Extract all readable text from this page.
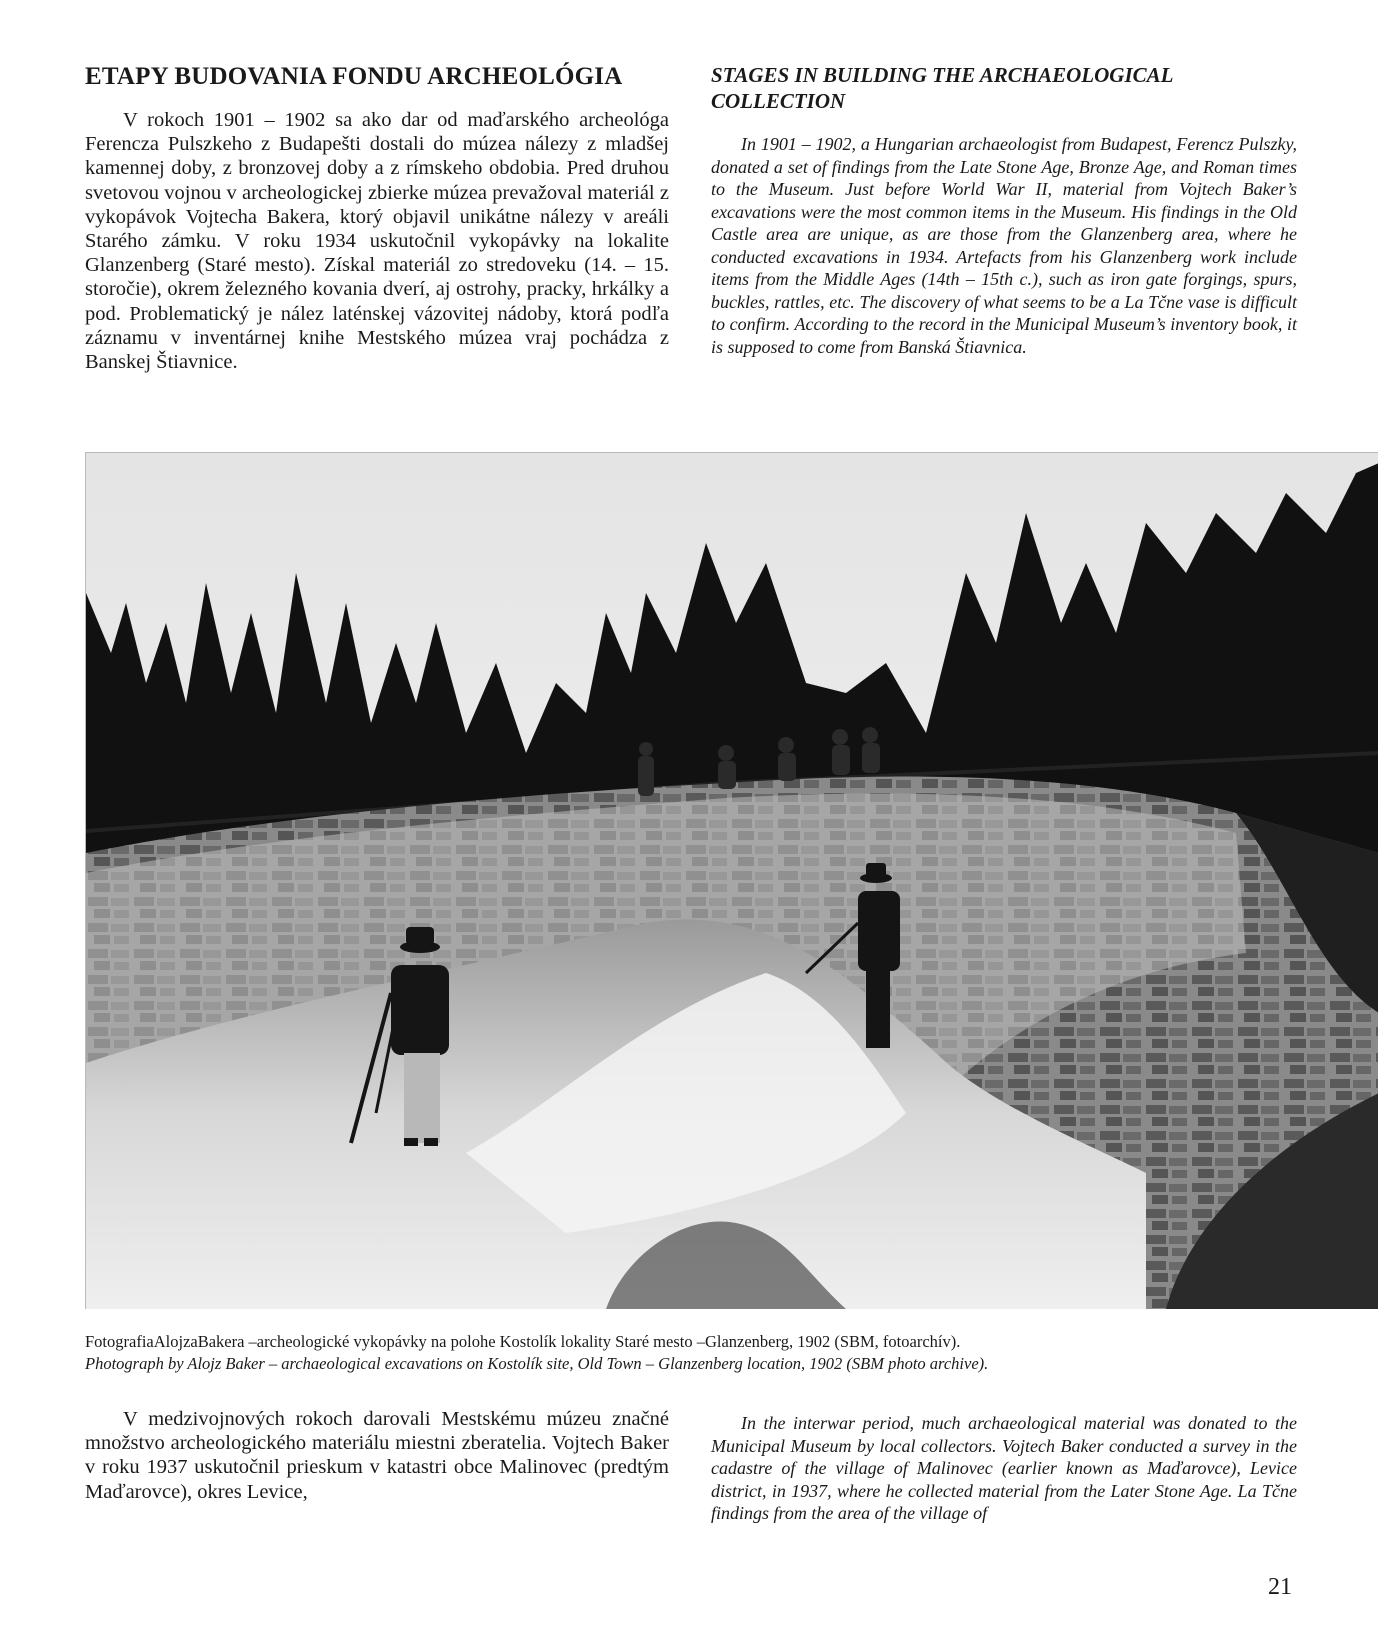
ETAPY BUDOVANIA FONDU ARCHEOLÓGIA	STAGES IN BUILDING THE ARCHAEOLOGICAL COLLECTION

V rokoch 1901 – 1902 sa ako dar od maďarského archeológa Ferencza Pulszkeho z Budapešti dostali do múzea nálezy z mladšej kamennej doby, z bronzovej doby a z rímskeho obdobia. Pred druhou svetovou vojnou v archeologickej zbierke múzea prevažoval materiál z vykopávok Vojtecha Bakera, ktorý objavil unikátne nálezy v areáli Starého zámku. V roku 1934 uskutočnil vykopávky na lokalite Glanzenberg (Staré mesto). Získal materiál zo stredoveku (14. – 15. storočie), okrem železného kovania dverí, aj ostrohy, pracky, hrkálky a pod. Problematický je nález laténskej vázovitej nádoby, ktorá podľa záznamu v inventárnej knihe Mestského múzea vraj pochádza z Banskej Štiavnice.

In 1901 – 1902, a Hungarian archaeologist from Budapest, Ferencz Pulszky, donated a set of findings from the Late Stone Age, Bronze Age, and Roman times to the Museum. Just before World War II, material from Vojtech Baker’s excavations were the most common items in the Museum. His findings in the Old Castle area are unique, as are those from the Glanzenberg area, where he conducted excavations in 1934. Artefacts from his Glanzenberg work include items from the Middle Ages (14th – 15th c.), such as iron gate forgings, spurs, buckles, rattles, etc. The discovery of what seems to be a La Tčne vase is difficult to confirm. According to the record in the Municipal Museum’s inventory book, it is supposed to come from Banská Štiavnica.

FotografiaAlojzaBakera –archeologické vykopávky na polohe Kostolík lokality Staré mesto –Glanzenberg, 1902 (SBM, fotoarchív).

Photograph by Alojz Baker – archaeological excavations on Kostolík site, Old Town – Glanzenberg location, 1902 (SBM photo archive).

V medzivojnových rokoch darovali Mestskému múzeu značné množstvo archeologického materiálu miestni zberatelia. Vojtech Baker v roku 1937 uskutočnil prieskum v katastri obce Malinovec (predtým Maďarovce), okres Levice,

In the interwar period, much archaeological material was donated to the Municipal Museum by local collectors. Vojtech Baker conducted a survey in the cadastre of the village of Malinovec (earlier known as Maďarovce), Levice district, in 1937, where he collected material from the Later Stone Age. La Tčne findings from the area of the village of

21
